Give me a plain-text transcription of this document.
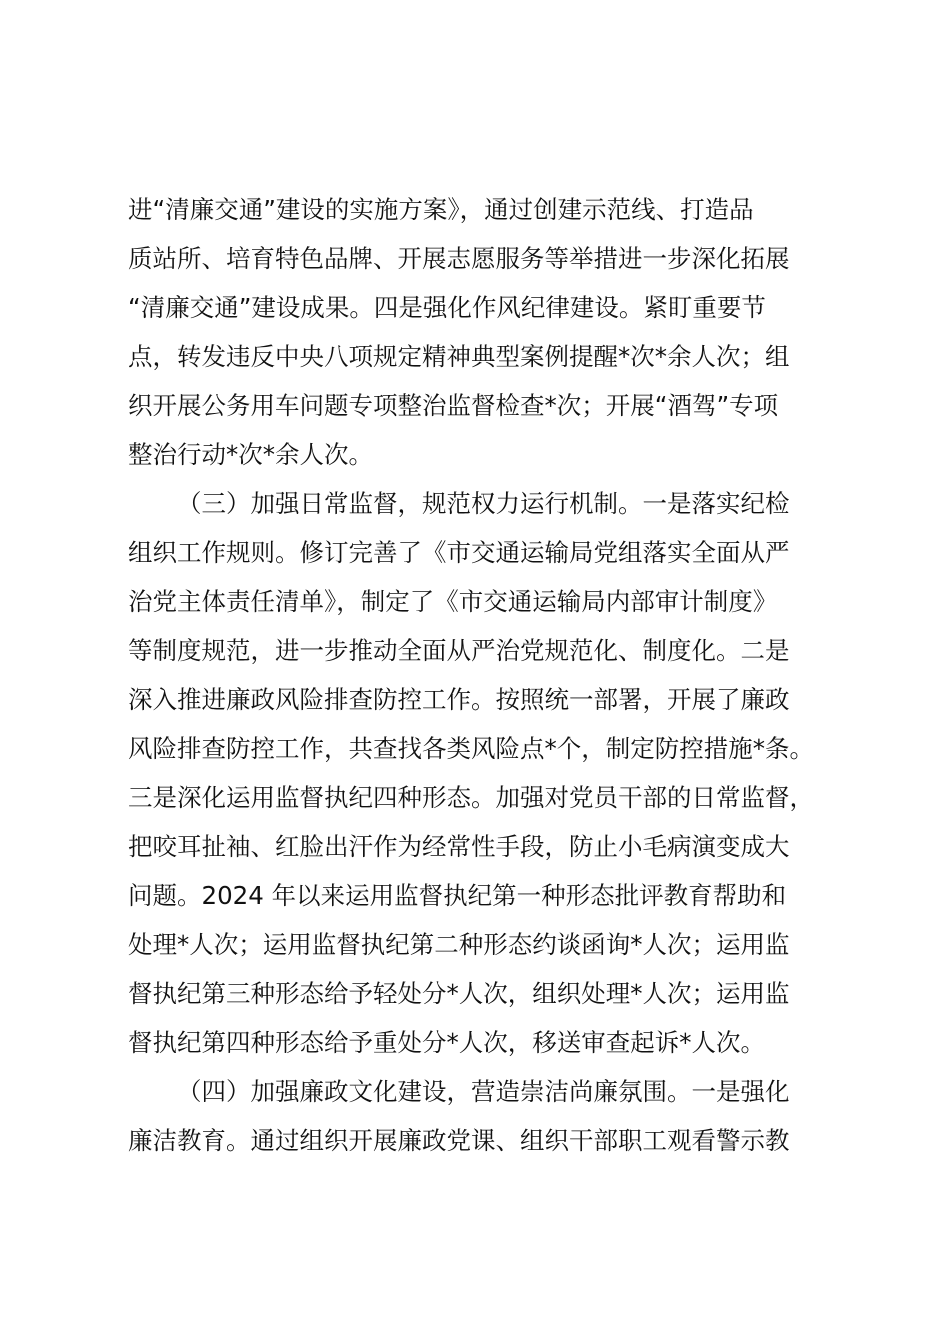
进“清廉交通”建设的实施方案》，通过创建示范线、打造品
质站所、培育特色品牌、开展志愿服务等举措进一步深化拓展
“清廉交通”建设成果。四是强化作风纪律建设。紧盯重要节
点，转发违反中央八项规定精神典型案例提醒*次*余人次；组
织开展公务用车问题专项整治监督检查*次；开展“酒驾”专项
整治行动*次*余人次。
（三）加强日常监督，规范权力运行机制。一是落实纪检
组织工作规则。修订完善了《市交通运输局党组落实全面从严
治党主体责任清单》，制定了《市交通运输局内部审计制度》
等制度规范，进一步推动全面从严治党规范化、制度化。二是
深入推进廉政风险排查防控工作。按照统一部署，开展了廉政
风险排查防控工作，共查找各类风险点*个，制定防控措施*条。
三是深化运用监督执纪四种形态。加强对党员干部的日常监督，
把咬耳扯袖、红脸出汗作为经常性手段，防止小毛病演变成大
问题。2024 年以来运用监督执纪第一种形态批评教育帮助和
处理*人次；运用监督执纪第二种形态约谈函询*人次；运用监
督执纪第三种形态给予轻处分*人次，组织处理*人次；运用监
督执纪第四种形态给予重处分*人次，移送审查起诉*人次。
（四）加强廉政文化建设，营造崇洁尚廉氛围。一是强化
廉洁教育。通过组织开展廉政党课、组织干部职工观看警示教
